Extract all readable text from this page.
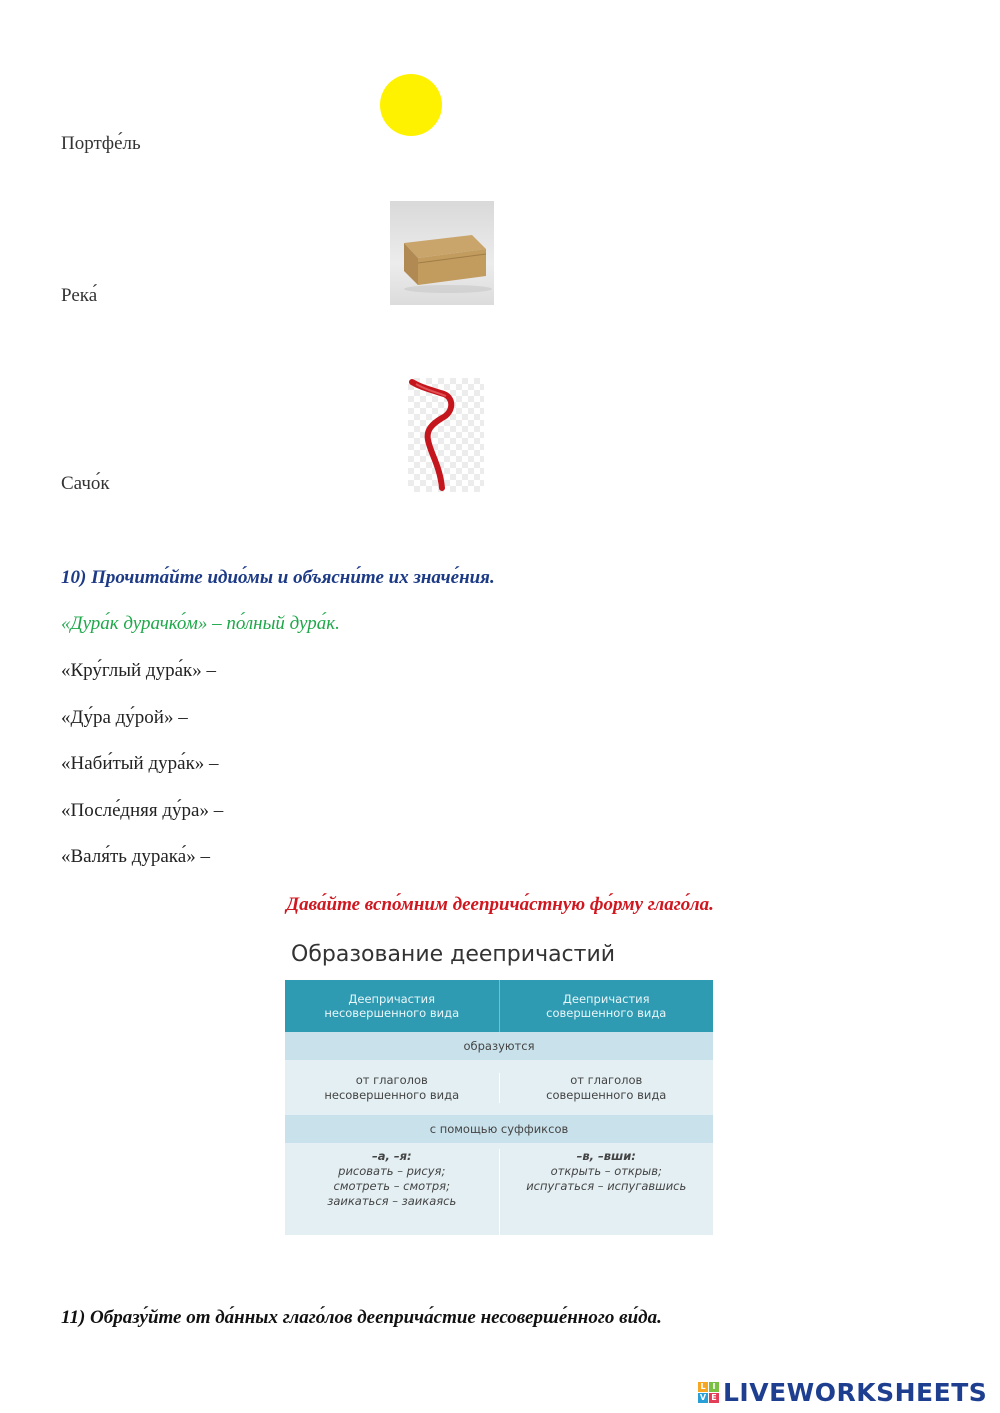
Портфе́ль
Река́
Сачо́к
10) Прочита́йте идио́мы и объясни́те их значе́ния.
«Дура́к дурачко́м» – по́лный дура́к.
«Кру́глый дура́к» –
«Ду́ра ду́рой» –
«Наби́тый дура́к» –
«После́дняя ду́ра» –
«Валя́ть дурака́» –
Дава́йте вспо́мним дееприча́стную фо́рму глаго́ла.
Образование деепричастий
Деепричастия
несовершенного вида
Деепричастия
совершенного вида
образуются
от глаголов
несовершенного вида
от глаголов
совершенного вида
с помощью суффиксов
–а, –я:
рисовать – рисуя;
смотреть – смотря;
заикаться – заикаясь
–в, –вши:
открыть – открыв;
испугаться – испугавшись
11) Образу́йте от да́нных глаго́лов дееприча́стие несоверше́нного ви́да.
L I
V E LIVEWORKSHEETS
